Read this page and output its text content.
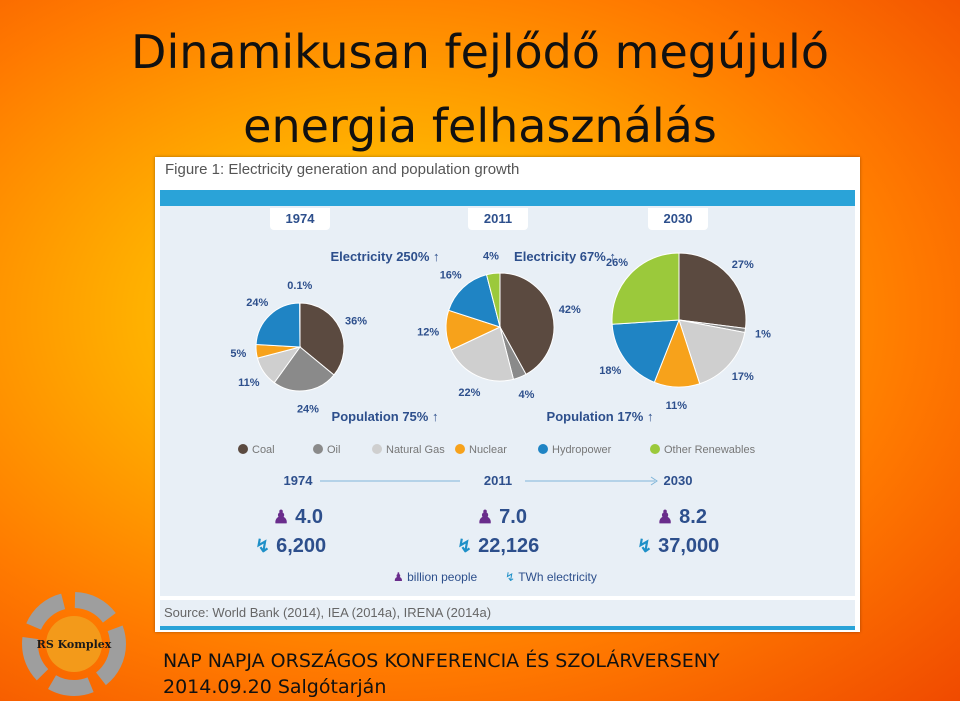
Dinamikusan fejlődő megújuló
energia felhasználás
Figure 1: Electricity generation and population growth
1974	2011	2030
36%
24%
11%
5%
24%
0.1%
42%
4%
22%
12%
16%
4%
27%
1%
17%
11%
18%
26%
Electricity 250% ↑	Electricity 67% ↑
Population 75% ↑	Population 17% ↑
Coal	Oil	Natural Gas Nuclear	Hydropower	Other Renewables
1974	2011	2030
♟ 4.0	♟ 7.0	♟ 8.2
↯ 6,200	↯ 22,126	↯ 37,000
♟ billion people ↯ TWh electricity
Source: World Bank (2014), IEA (2014a), IRENA (2014a)
RS Komplex
NAP NAPJA ORSZÁGOS KONFERENCIA ÉS SZOLÁRVERSENY
2014.09.20 Salgótarján
